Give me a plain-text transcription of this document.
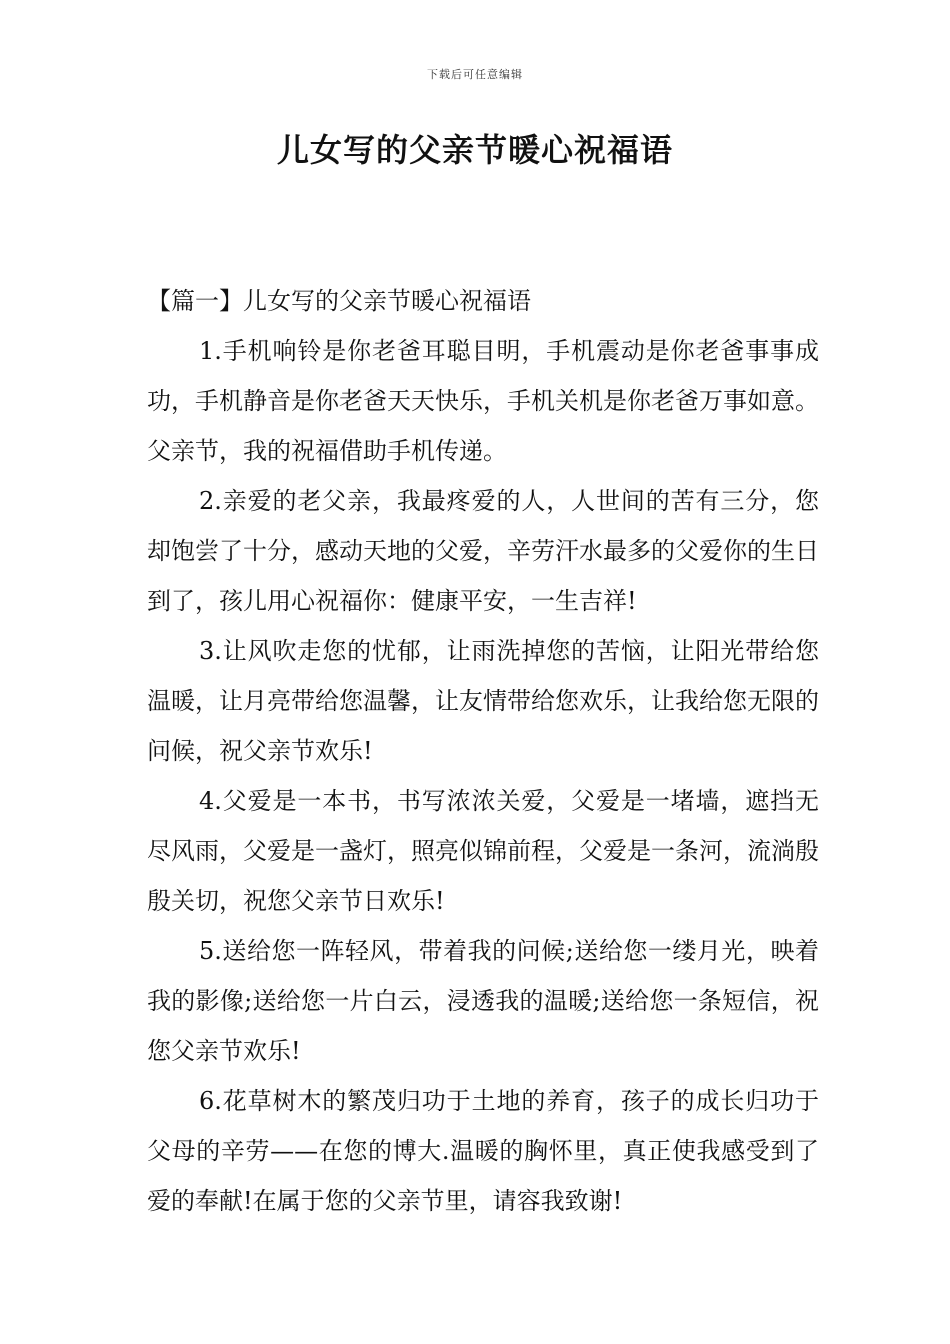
下载后可任意编辑
儿女写的父亲节暖心祝福语

【篇一】儿女写的父亲节暖心祝福语

1.手机响铃是你老爸耳聪目明，手机震动是你老爸事事成功，手机静音是你老爸天天快乐，手机关机是你老爸万事如意。父亲节，我的祝福借助手机传递。

2.亲爱的老父亲，我最疼爱的人，人世间的苦有三分，您却饱尝了十分，感动天地的父爱，辛劳汗水最多的父爱你的生日到了，孩儿用心祝福你：健康平安，一生吉祥!

3.让风吹走您的忧郁，让雨洗掉您的苦恼，让阳光带给您温暖，让月亮带给您温馨，让友情带给您欢乐，让我给您无限的问候，祝父亲节欢乐!

4.父爱是一本书，书写浓浓关爱，父爱是一堵墙，遮挡无尽风雨，父爱是一盏灯，照亮似锦前程，父爱是一条河，流淌殷殷关切，祝您父亲节日欢乐!

5.送给您一阵轻风，带着我的问候;送给您一缕月光，映着我的影像;送给您一片白云，浸透我的温暖;送给您一条短信，祝您父亲节欢乐!

6.花草树木的繁茂归功于土地的养育，孩子的成长归功于父母的辛劳——在您的博大.温暖的胸怀里，真正使我感受到了爱的奉献!在属于您的父亲节里，请容我致谢!
